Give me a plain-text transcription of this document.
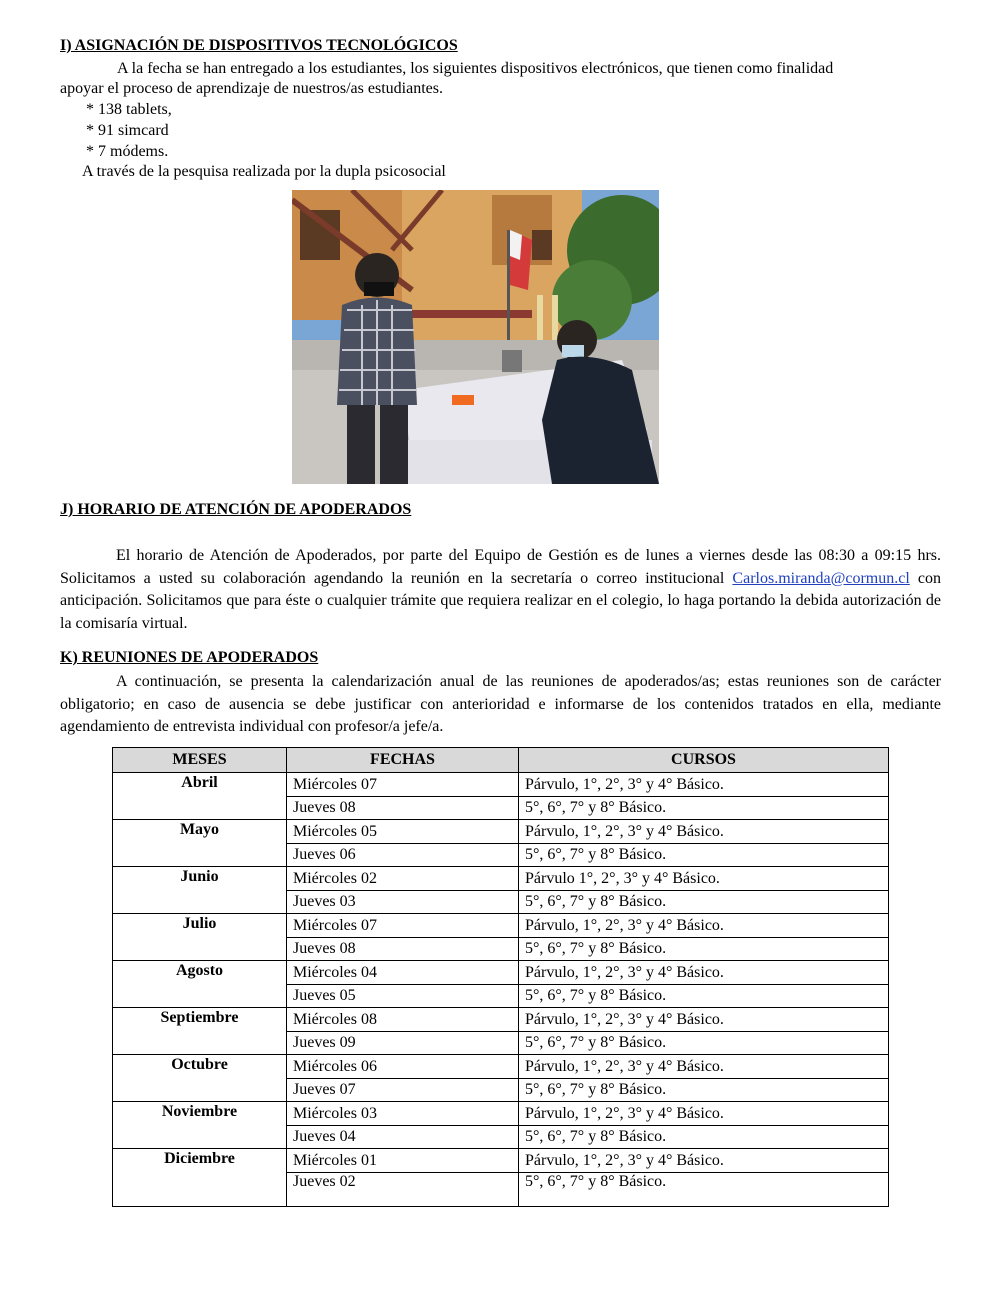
I) ASIGNACIÓN DE DISPOSITIVOS TECNOLÓGICOS
A la fecha se han entregado a los estudiantes, los siguientes dispositivos electrónicos, que tienen como finalidad
apoyar el proceso de aprendizaje de nuestros/as estudiantes.
* 138 tablets,
* 91 simcard
* 7 módems.
A través de la pesquisa realizada por la dupla psicosocial
J) HORARIO DE ATENCIÓN DE APODERADOS
El horario de Atención de Apoderados, por parte del Equipo de Gestión es de lunes a viernes desde las 08:30 a 09:15 hrs. Solicitamos a usted su colaboración agendando la reunión en la secretaría o correo institucional Carlos.miranda@cormun.cl con anticipación. Solicitamos que para éste o cualquier trámite que requiera realizar en el colegio, lo haga portando la debida autorización de la comisaría virtual.
K) REUNIONES DE APODERADOS
A continuación, se presenta la calendarización anual de las reuniones de apoderados/as; estas reuniones son de carácter obligatorio; en caso de ausencia se debe justificar con anterioridad e informarse de los contenidos tratados en ella, mediante agendamiento de entrevista individual con profesor/a jefe/a.
MESES	FECHAS	CURSOS
Abril	Miércoles 07	Párvulo, 1°, 2°, 3° y 4° Básico.
	Jueves 08	5°, 6°, 7° y 8° Básico.
Mayo	Miércoles 05	Párvulo, 1°, 2°, 3° y 4° Básico.
	Jueves 06	5°, 6°, 7° y 8° Básico.
Junio	Miércoles 02	Párvulo 1°, 2°, 3° y 4° Básico.
	Jueves 03	5°, 6°, 7° y 8° Básico.
Julio	Miércoles 07	Párvulo, 1°, 2°, 3° y 4° Básico.
	Jueves 08	5°, 6°, 7° y 8° Básico.
Agosto	Miércoles 04	Párvulo, 1°, 2°, 3° y 4° Básico.
	Jueves 05	5°, 6°, 7° y 8° Básico.
Septiembre	Miércoles 08	Párvulo, 1°, 2°, 3° y 4° Básico.
	Jueves 09	5°, 6°, 7° y 8° Básico.
Octubre	Miércoles 06	Párvulo, 1°, 2°, 3° y 4° Básico.
	Jueves 07	5°, 6°, 7° y 8° Básico.
Noviembre	Miércoles 03	Párvulo, 1°, 2°, 3° y 4° Básico.
	Jueves 04	5°, 6°, 7° y 8° Básico.
Diciembre	Miércoles 01	Párvulo, 1°, 2°, 3° y 4° Básico.
	Jueves 02	5°, 6°, 7° y 8° Básico.
